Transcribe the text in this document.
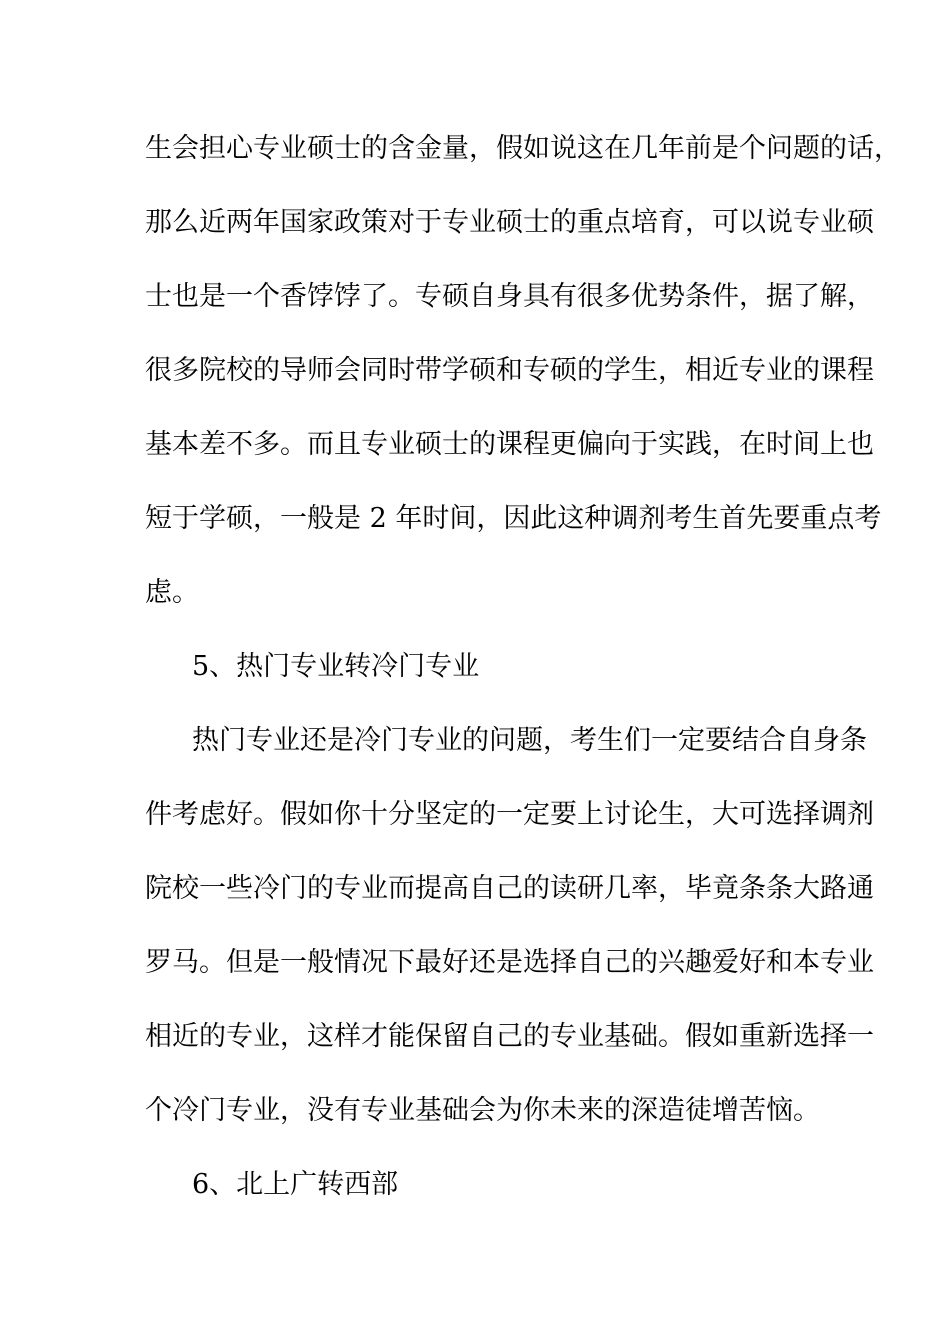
生会担心专业硕士的含金量，假如说这在几年前是个问题的话，
那么近两年国家政策对于专业硕士的重点培育，可以说专业硕
士也是一个香饽饽了。专硕自身具有很多优势条件，据了解，
很多院校的导师会同时带学硕和专硕的学生，相近专业的课程
基本差不多。而且专业硕士的课程更偏向于实践，在时间上也
短于学硕，一般是 2 年时间，因此这种调剂考生首先要重点考
虑。
5、热门专业转冷门专业
热门专业还是冷门专业的问题，考生们一定要结合自身条
件考虑好。假如你十分坚定的一定要上讨论生，大可选择调剂
院校一些冷门的专业而提高自己的读研几率，毕竟条条大路通
罗马。但是一般情况下最好还是选择自己的兴趣爱好和本专业
相近的专业，这样才能保留自己的专业基础。假如重新选择一
个冷门专业，没有专业基础会为你未来的深造徒增苦恼。
6、北上广转西部
